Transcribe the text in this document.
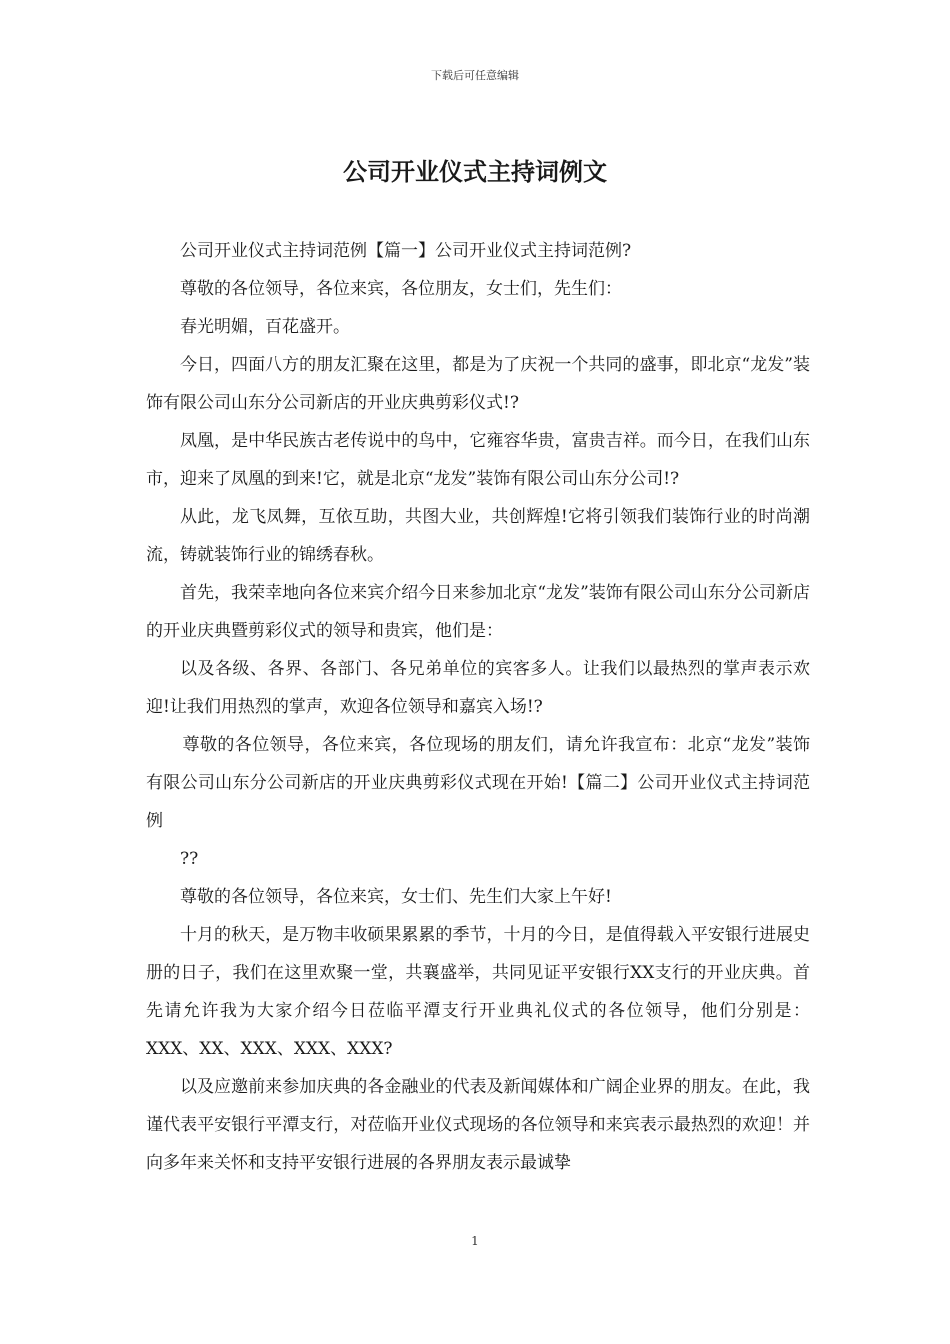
下载后可任意编辑
公司开业仪式主持词例文

公司开业仪式主持词范例【篇一】公司开业仪式主持词范例?

尊敬的各位领导，各位来宾，各位朋友，女士们，先生们：

春光明媚，百花盛开。

今日，四面八方的朋友汇聚在这里，都是为了庆祝一个共同的盛事，即北京“龙发”装饰有限公司山东分公司新店的开业庆典剪彩仪式!?

凤凰，是中华民族古老传说中的鸟中，它雍容华贵，富贵吉祥。而今日，在我们山东市，迎来了凤凰的到来!它，就是北京“龙发”装饰有限公司山东分公司!?

从此，龙飞凤舞，互依互助，共图大业，共创辉煌!它将引领我们装饰行业的时尚潮流，铸就装饰行业的锦绣春秋。

首先，我荣幸地向各位来宾介绍今日来参加北京“龙发”装饰有限公司山东分公司新店的开业庆典暨剪彩仪式的领导和贵宾，他们是：

以及各级、各界、各部门、各兄弟单位的宾客多人。让我们以最热烈的掌声表示欢迎!让我们用热烈的掌声，欢迎各位领导和嘉宾入场!?

尊敬的各位领导，各位来宾，各位现场的朋友们，请允许我宣布：北京“龙发”装饰有限公司山东分公司新店的开业庆典剪彩仪式现在开始!【篇二】公司开业仪式主持词范例

??

尊敬的各位领导，各位来宾，女士们、先生们大家上午好!

十月的秋天，是万物丰收硕果累累的季节，十月的今日，是值得载入平安银行进展史册的日子，我们在这里欢聚一堂，共襄盛举，共同见证平安银行XX支行的开业庆典。首先请允许我为大家介绍今日莅临平潭支行开业典礼仪式的各位领导，他们分别是：XXX、XX、XXX、XXX、XXX?

以及应邀前来参加庆典的各金融业的代表及新闻媒体和广阔企业界的朋友。在此，我谨代表平安银行平潭支行，对莅临开业仪式现场的各位领导和来宾表示最热烈的欢迎！并向多年来关怀和支持平安银行进展的各界朋友表示最诚挚

1
